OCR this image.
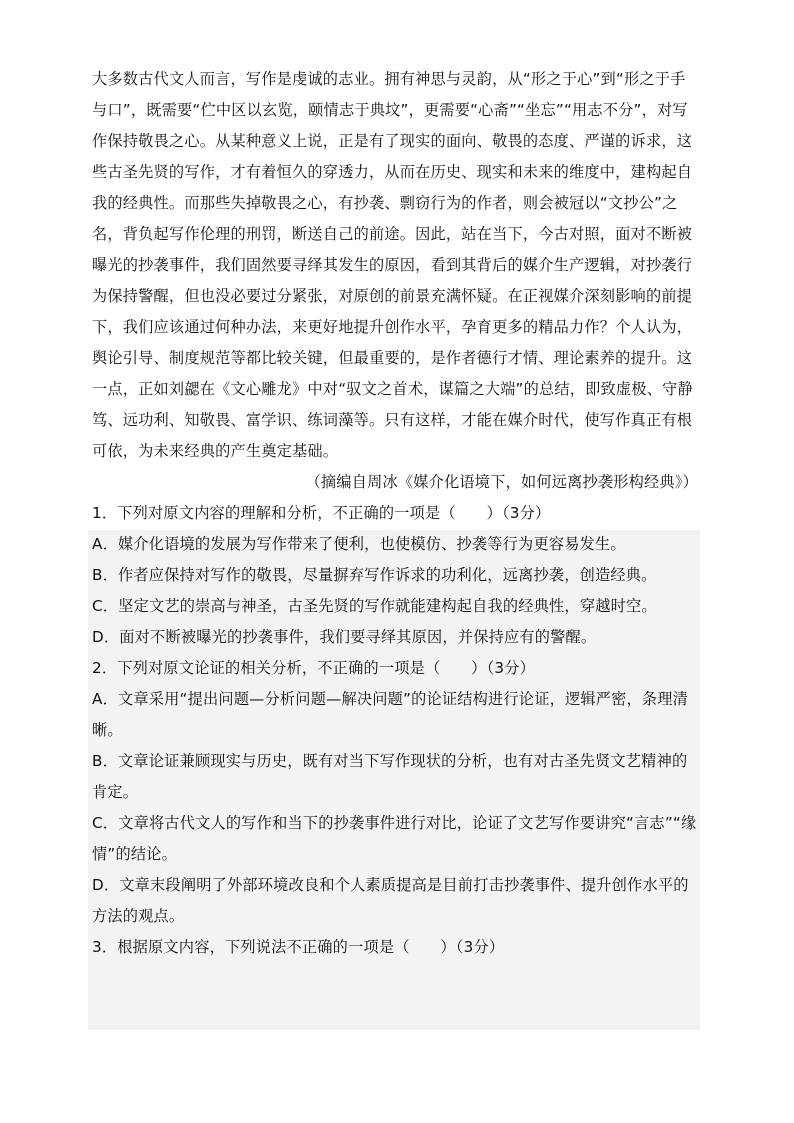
大多数古代文人而言，写作是虔诚的志业。拥有神思与灵韵，从“形之于心”到“形之于手与口”，既需要“伫中区以玄览，颐情志于典坟”，更需要“心斋”“坐忘”“用志不分”，对写作保持敬畏之心。从某种意义上说，正是有了现实的面向、敬畏的态度、严谨的诉求，这些古圣先贤的写作，才有着恒久的穿透力，从而在历史、现实和未来的维度中，建构起自我的经典性。而那些失掉敬畏之心，有抄袭、剽窃行为的作者，则会被冠以“文抄公”之名，背负起写作伦理的刑罚，断送自己的前途。因此，站在当下，今古对照，面对不断被曝光的抄袭事件，我们固然要寻绎其发生的原因，看到其背后的媒介生产逻辑，对抄袭行为保持警醒，但也没必要过分紧张，对原创的前景充满怀疑。在正视媒介深刻影响的前提下，我们应该通过何种办法，来更好地提升创作水平，孕育更多的精品力作？个人认为，舆论引导、制度规范等都比较关键，但最重要的，是作者德行才情、理论素养的提升。这一点，正如刘勰在《文心雕龙》中对“驭文之首术，谋篇之大端”的总结，即致虚极、守静笃、远功利、知敬畏、富学识、练词藻等。只有这样，才能在媒介时代，使写作真正有根可依，为未来经典的产生奠定基础。

（摘编自周冰《媒介化语境下，如何远离抄袭形构经典》）

1．下列对原文内容的理解和分析，不正确的一项是（　　）（3分）

A．媒介化语境的发展为写作带来了便利，也使模仿、抄袭等行为更容易发生。

B．作者应保持对写作的敬畏，尽量摒弃写作诉求的功利化，远离抄袭，创造经典。

C．坚定文艺的崇高与神圣，古圣先贤的写作就能建构起自我的经典性，穿越时空。

D．面对不断被曝光的抄袭事件，我们要寻绎其原因，并保持应有的警醒。

2．下列对原文论证的相关分析，不正确的一项是（　　）（3分）

A．文章采用“提出问题—分析问题—解决问题”的论证结构进行论证，逻辑严密，条理清晰。

B．文章论证兼顾现实与历史，既有对当下写作现状的分析，也有对古圣先贤文艺精神的肯定。

C．文章将古代文人的写作和当下的抄袭事件进行对比，论证了文艺写作要讲究“言志”“缘情”的结论。

D．文章末段阐明了外部环境改良和个人素质提高是目前打击抄袭事件、提升创作水平的方法的观点。

3．根据原文内容，下列说法不正确的一项是（　　）（3分）
